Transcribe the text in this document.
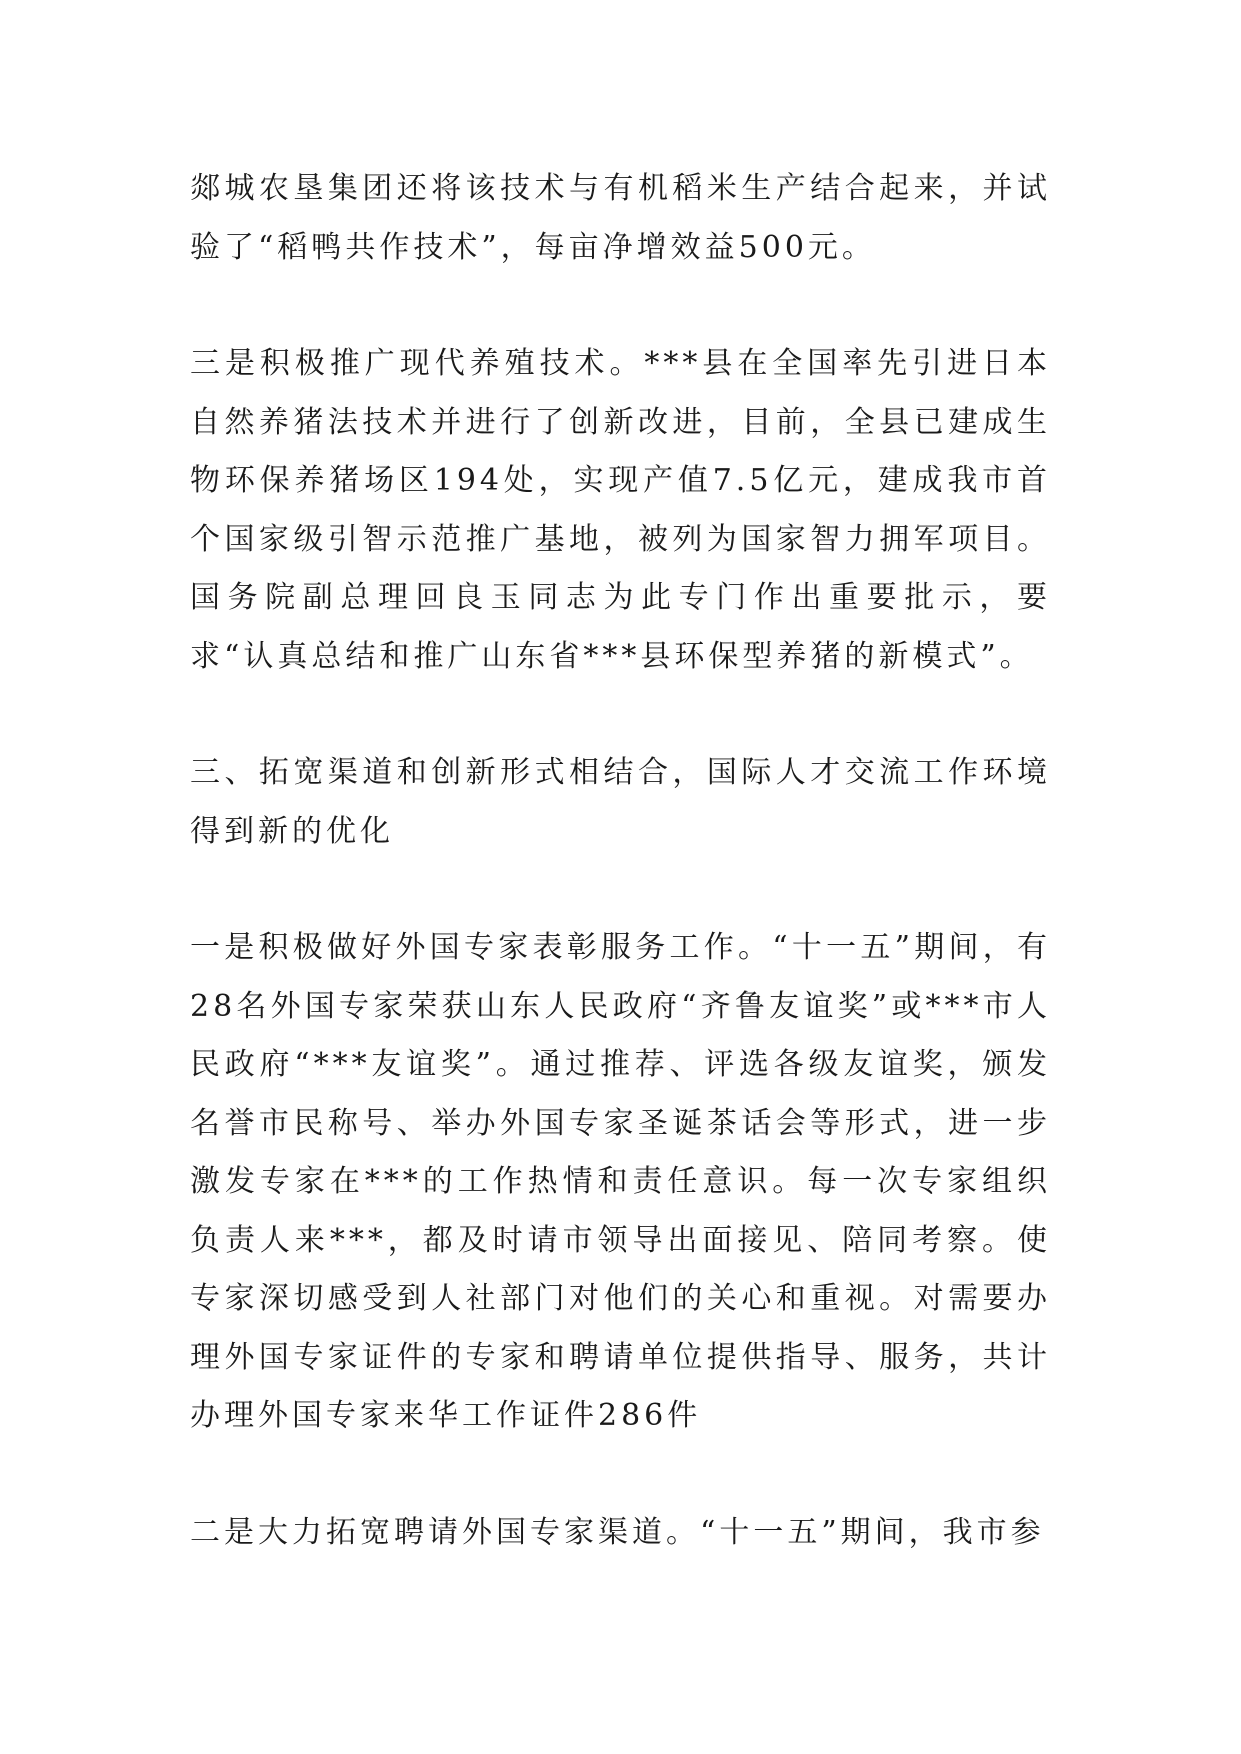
郯城农垦集团还将该技术与有机稻米生产结合起来，并试验了“稻鸭共作技术”，每亩净增效益500元。

三是积极推广现代养殖技术。***县在全国率先引进日本自然养猪法技术并进行了创新改进，目前，全县已建成生物环保养猪场区194处，实现产值7.5亿元，建成我市首个国家级引智示范推广基地，被列为国家智力拥军项目。国务院副总理回良玉同志为此专门作出重要批示，要求“认真总结和推广山东省***县环保型养猪的新模式”。

三、拓宽渠道和创新形式相结合，国际人才交流工作环境得到新的优化

一是积极做好外国专家表彰服务工作。“十一五”期间，有28名外国专家荣获山东人民政府“齐鲁友谊奖”或***市人民政府“***友谊奖”。通过推荐、评选各级友谊奖，颁发名誉市民称号、举办外国专家圣诞茶话会等形式，进一步激发专家在***的工作热情和责任意识。每一次专家组织负责人来***，都及时请市领导出面接见、陪同考察。使专家深切感受到人社部门对他们的关心和重视。对需要办理外国专家证件的专家和聘请单位提供指导、服务，共计办理外国专家来华工作证件286件

二是大力拓宽聘请外国专家渠道。“十一五”期间，我市参
